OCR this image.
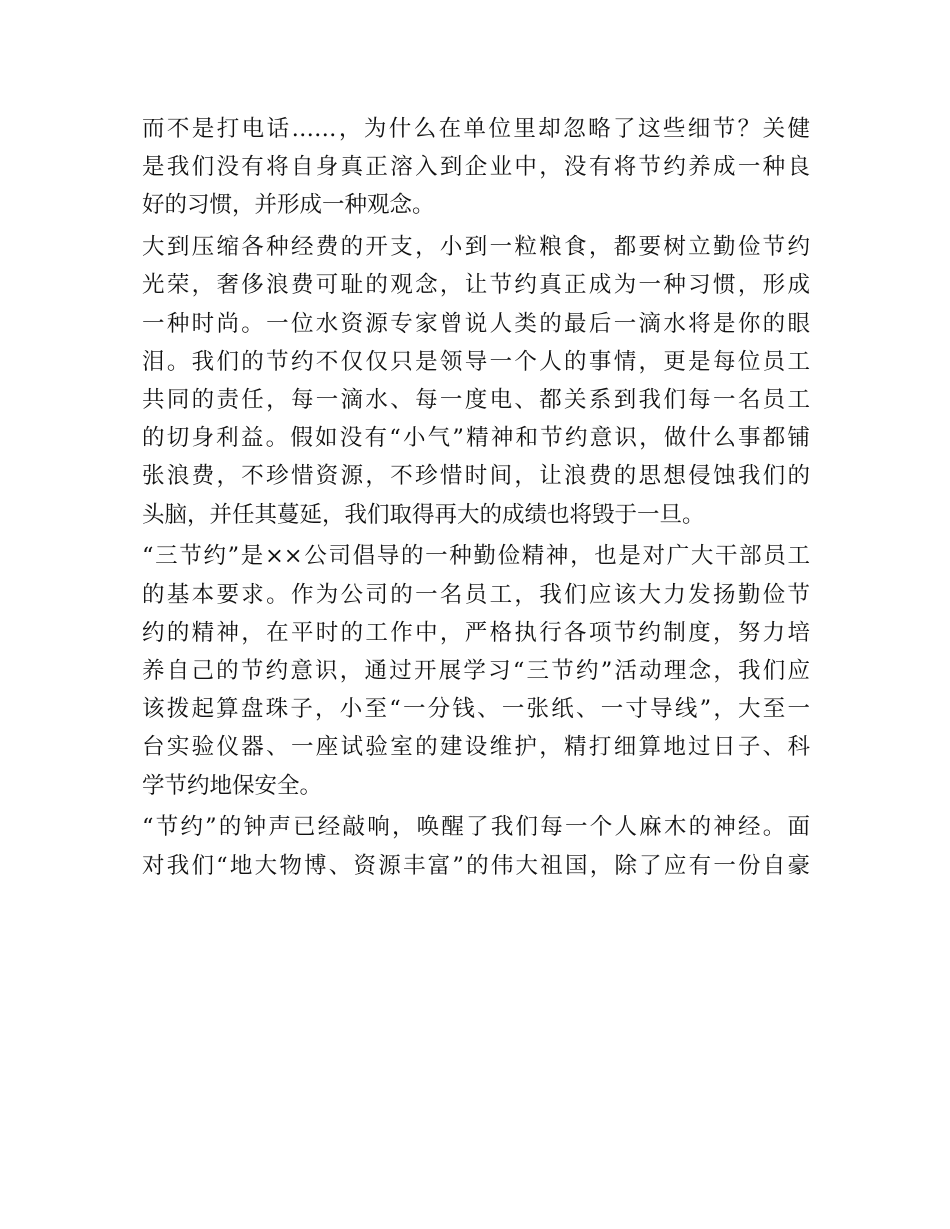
而不是打电话……，为什么在单位里却忽略了这些细节？关健
是我们没有将自身真正溶入到企业中，没有将节约养成一种良
好的习惯，并形成一种观念。
大到压缩各种经费的开支，小到一粒粮食，都要树立勤俭节约
光荣，奢侈浪费可耻的观念，让节约真正成为一种习惯，形成
一种时尚。一位水资源专家曾说人类的最后一滴水将是你的眼
泪。我们的节约不仅仅只是领导一个人的事情，更是每位员工
共同的责任，每一滴水、每一度电、都关系到我们每一名员工
的切身利益。假如没有“小气”精神和节约意识，做什么事都铺
张浪费，不珍惜资源，不珍惜时间，让浪费的思想侵蚀我们的
头脑，并任其蔓延，我们取得再大的成绩也将毁于一旦。
“三节约”是××公司倡导的一种勤俭精神，也是对广大干部员工
的基本要求。作为公司的一名员工，我们应该大力发扬勤俭节
约的精神，在平时的工作中，严格执行各项节约制度，努力培
养自己的节约意识，通过开展学习“三节约”活动理念，我们应
该拨起算盘珠子，小至“一分钱、一张纸、一寸导线”，大至一
台实验仪器、一座试验室的建设维护，精打细算地过日子、科
学节约地保安全。
“节约”的钟声已经敲响，唤醒了我们每一个人麻木的神经。面
对我们“地大物博、资源丰富”的伟大祖国，除了应有一份自豪
